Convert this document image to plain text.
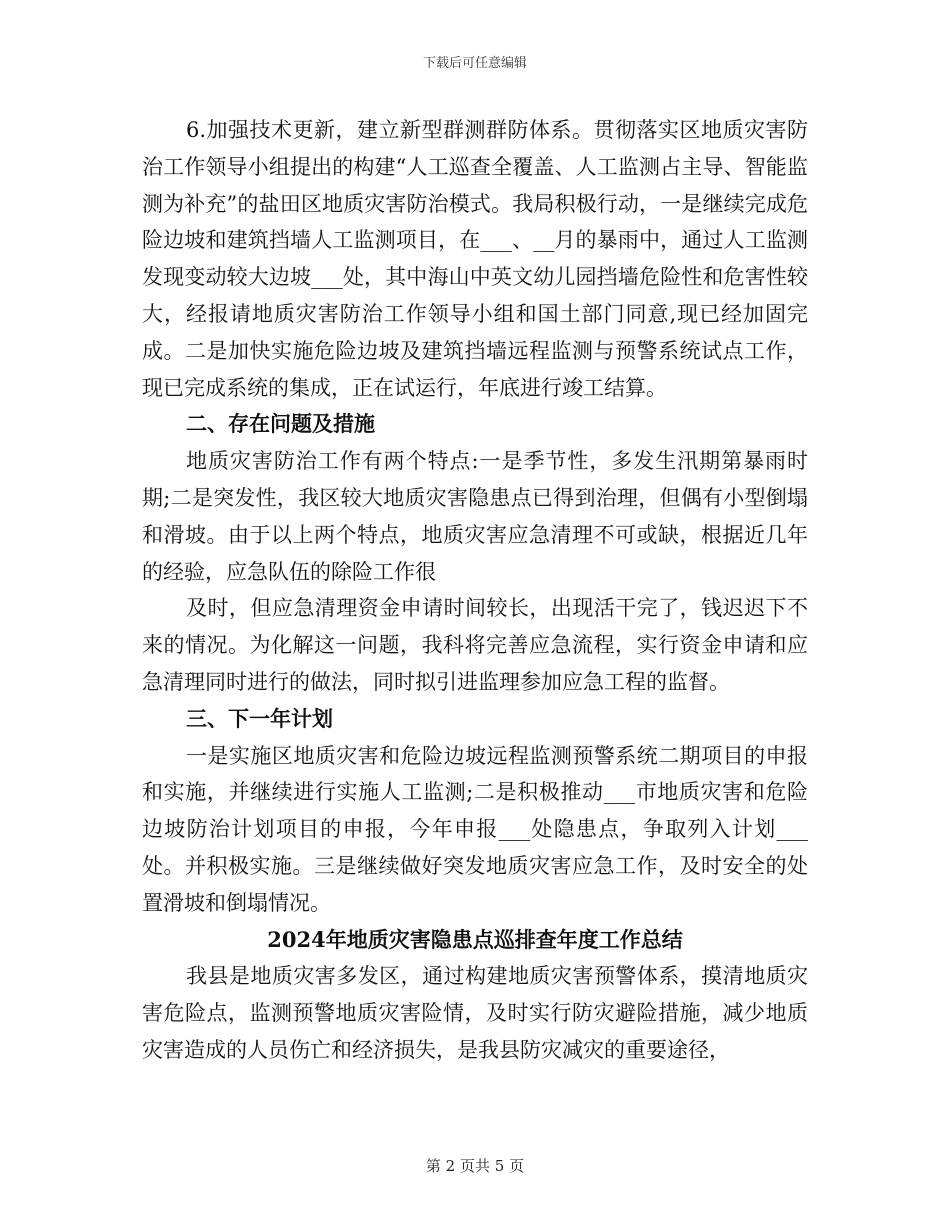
下载后可任意编辑

6.加强技术更新，建立新型群测群防体系。贯彻落实区地质灾害防治工作领导小组提出的构建“人工巡查全覆盖、人工监测占主导、智能监测为补充”的盐田区地质灾害防治模式。我局积极行动，一是继续完成危险边坡和建筑挡墙人工监测项目，在___、__月的暴雨中，通过人工监测发现变动较大边坡___处，其中海山中英文幼儿园挡墙危险性和危害性较大，经报请地质灾害防治工作领导小组和国土部门同意,现已经加固完成。二是加快实施危险边坡及建筑挡墙远程监测与预警系统试点工作，现已完成系统的集成，正在试运行，年底进行竣工结算。

二、存在问题及措施

地质灾害防治工作有两个特点:一是季节性，多发生汛期第暴雨时期;二是突发性，我区较大地质灾害隐患点已得到治理，但偶有小型倒塌和滑坡。由于以上两个特点，地质灾害应急清理不可或缺，根据近几年的经验，应急队伍的除险工作很

及时，但应急清理资金申请时间较长，出现活干完了，钱迟迟下不来的情况。为化解这一问题，我科将完善应急流程，实行资金申请和应急清理同时进行的做法，同时拟引进监理参加应急工程的监督。

三、下一年计划

一是实施区地质灾害和危险边坡远程监测预警系统二期项目的申报和实施，并继续进行实施人工监测;二是积极推动___市地质灾害和危险边坡防治计划项目的申报，今年申报___处隐患点，争取列入计划___处。并积极实施。三是继续做好突发地质灾害应急工作，及时安全的处置滑坡和倒塌情况。

2024年地质灾害隐患点巡排查年度工作总结

我县是地质灾害多发区，通过构建地质灾害预警体系，摸清地质灾害危险点，监测预警地质灾害险情，及时实行防灾避险措施，减少地质灾害造成的人员伤亡和经济损失，是我县防灾减灾的重要途径，

第 2 页共 5 页
